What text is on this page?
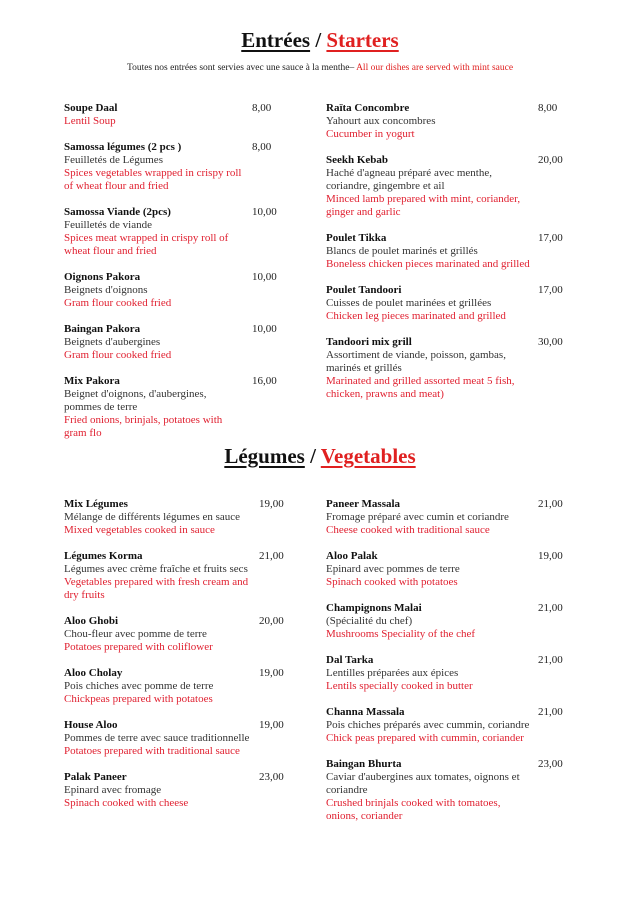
Entrées / Starters
Toutes nos entrées sont servies avec une sauce à la menthe– All our dishes are served with mint sauce
8,00
Soupe Daal
Lentil Soup
8,00
Samossa légumes (2 pcs )
Feuilletés de Légumes
Spices vegetables wrapped in crispy roll of wheat flour and fried
10,00
Samossa Viande (2pcs)
Feuilletés de viande
Spices meat wrapped in crispy roll of wheat flour and fried
10,00
Oignons Pakora
Beignets d'oignons
Gram flour cooked fried
10,00
Baingan Pakora
Beignets d'aubergines
Gram flour cooked fried
16,00
Mix Pakora
Beignet d'oignons, d'aubergines, pommes de terre
Fried onions, brinjals, potatoes with gram flo
8,00
Raïta Concombre
Yahourt aux concombres
Cucumber in yogurt
20,00
Seekh Kebab
Haché d'agneau préparé avec menthe, coriandre, gingembre et ail
Minced lamb prepared with mint, coriander, ginger and garlic
17,00
Poulet Tikka
Blancs de poulet marinés et grillés
Boneless chicken pieces marinated and grilled
17,00
Poulet Tandoori
Cuisses de poulet marinées et grillées
Chicken leg pieces marinated and grilled
30,00
Tandoori mix grill
Assortiment de viande, poisson, gambas, marinés et grillés
Marinated and grilled assorted meat 5 fish, chicken, prawns and meat)
Légumes / Vegetables
19,00
Mix Légumes
Mélange de différents légumes en sauce
Mixed vegetables cooked in sauce
21,00
Légumes Korma
Légumes avec crème fraîche et fruits secs
Vegetables prepared with fresh cream and dry fruits
20,00
Aloo Ghobi
Chou-fleur avec pomme de terre
Potatoes prepared with coliflower
19,00
Aloo Cholay
Pois chiches avec pomme de terre
Chickpeas prepared with potatoes
19,00
House Aloo
Pommes de terre avec sauce traditionnelle
Potatoes prepared with traditional sauce
23,00
Palak Paneer
Epinard avec fromage
Spinach cooked with cheese
21,00
Paneer Massala
Fromage préparé avec cumin et coriandre
Cheese cooked with traditional sauce
19,00
Aloo Palak
Epinard avec pommes de terre
Spinach cooked with potatoes
21,00
Champignons Malai
(Spécialité du chef)
Mushrooms Speciality of the chef
21,00
Dal Tarka
Lentilles préparées aux épices
Lentils specially cooked in butter
21,00
Channa Massala
Pois chiches préparés avec cummin, coriandre
Chick peas prepared with cummin, coriander
23,00
Baingan Bhurta
Caviar d'aubergines aux tomates, oignons et coriandre
Crushed brinjals cooked with tomatoes, onions, coriander
